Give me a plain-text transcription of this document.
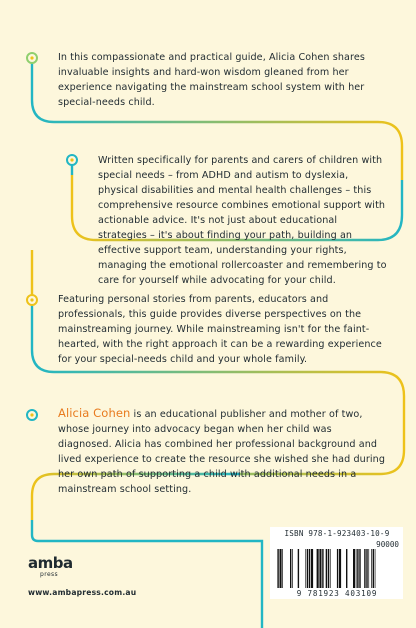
In this compassionate and practical guide, Alicia Cohen shares invaluable insights and hard-won wisdom gleaned from her experience navigating the mainstream school system with her special-needs child.

Written specifically for parents and carers of children with special needs – from ADHD and autism to dyslexia, physical disabilities and mental health challenges – this comprehensive resource combines emotional support with actionable advice. It's not just about educational strategies – it's about finding your path, building an effective support team, understanding your rights, managing the emotional rollercoaster and remembering to care for yourself while advocating for your child.

Featuring personal stories from parents, educators and professionals, this guide provides diverse perspectives on the mainstreaming journey. While mainstreaming isn't for the faint-hearted, with the right approach it can be a rewarding experience for your special-needs child and your whole family.

Alicia Cohen is an educational publisher and mother of two, whose journey into advocacy began when her child was diagnosed. Alicia has combined her professional background and lived experience to create the resource she wished she had during her own path of supporting a child with additional needs in a mainstream school setting.

amba
press
www.ambapress.com.au
ISBN 978-1-923403-10-9
90000
9 781923 403109
